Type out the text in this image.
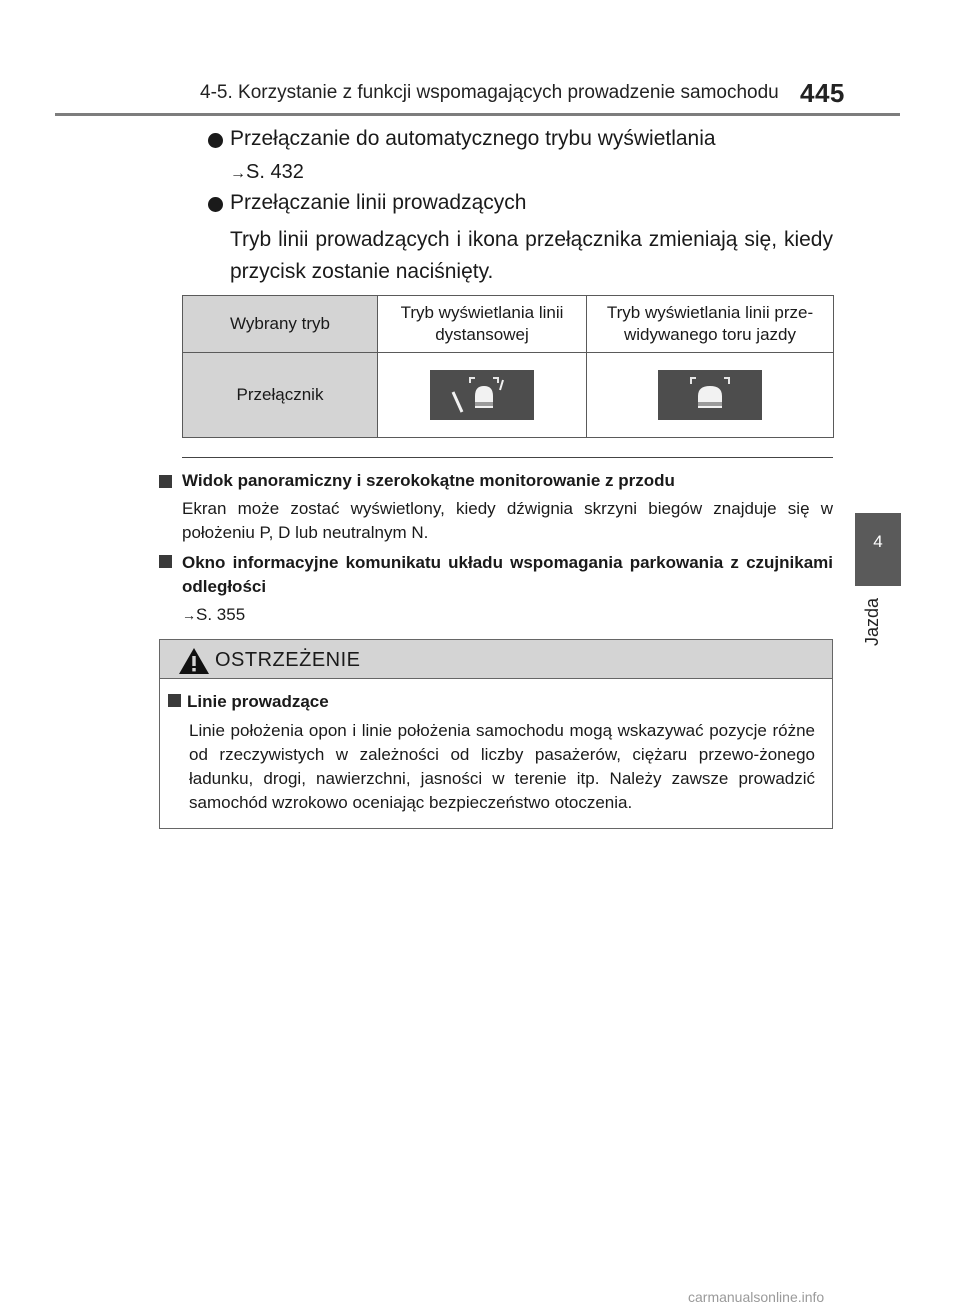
4-5. Korzystanie z funkcji wspomagających prowadzenie samochodu 445
4
Jazda
Przełączanie do automatycznego trybu wyświetlania
→S. 432
Przełączanie linii prowadzących
Tryb linii prowadzących i ikona przełącznika zmieniają się, kiedy przycisk zostanie naciśnięty.
Wybrany tryb	Tryb wyświetlania linii dystansowej	Tryb wyświetlania linii prze-widywanego toru jazdy
Przełącznik		
Widok panoramiczny i szerokokątne monitorowanie z przodu
Ekran może zostać wyświetlony, kiedy dźwignia skrzyni biegów znajduje się w położeniu P, D lub neutralnym N.
Okno informacyjne komunikatu układu wspomagania parkowania z czujnikami odległości
→S. 355
OSTRZEŻENIE
Linie prowadzące
Linie położenia opon i linie położenia samochodu mogą wskazywać pozycje różne od rzeczywistych w zależności od liczby pasażerów, ciężaru przewo-żonego ładunku, drogi, nawierzchni, jasności w terenie itp. Należy zawsze prowadzić samochód wzrokowo oceniając bezpieczeństwo otoczenia.
carmanualsonline.info
